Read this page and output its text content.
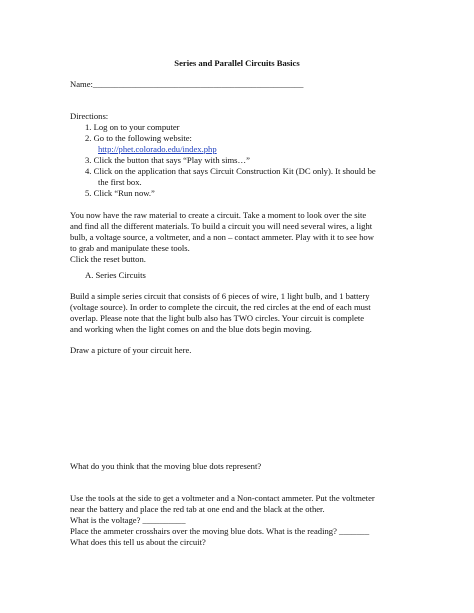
Series and Parallel Circuits Basics
Name:_________________________________________________
Directions:
1. Log on to your computer
2. Go to the following website:
http://phet.colorado.edu/index.php
3. Click the button that says “Play with sims…”
4. Click on the application that says Circuit Construction Kit (DC only). It should be
the first box.
5. Click “Run now.”
You now have the raw material to create a circuit. Take a moment to look over the site
and find all the different materials. To build a circuit you will need several wires, a light
bulb, a voltage source, a voltmeter, and a non – contact ammeter. Play with it to see how
to grab and manipulate these tools.
Click the reset button.
A. Series Circuits
Build a simple series circuit that consists of 6 pieces of wire, 1 light bulb, and 1 battery
(voltage source). In order to complete the circuit, the red circles at the end of each must
overlap. Please note that the light bulb also has TWO circles. Your circuit is complete
and working when the light comes on and the blue dots begin moving.
Draw a picture of your circuit here.
What do you think that the moving blue dots represent?
Use the tools at the side to get a voltmeter and a Non-contact ammeter. Put the voltmeter
near the battery and place the red tab at one end and the black at the other.
What is the voltage? __________
Place the ammeter crosshairs over the moving blue dots. What is the reading? _______
What does this tell us about the circuit?
